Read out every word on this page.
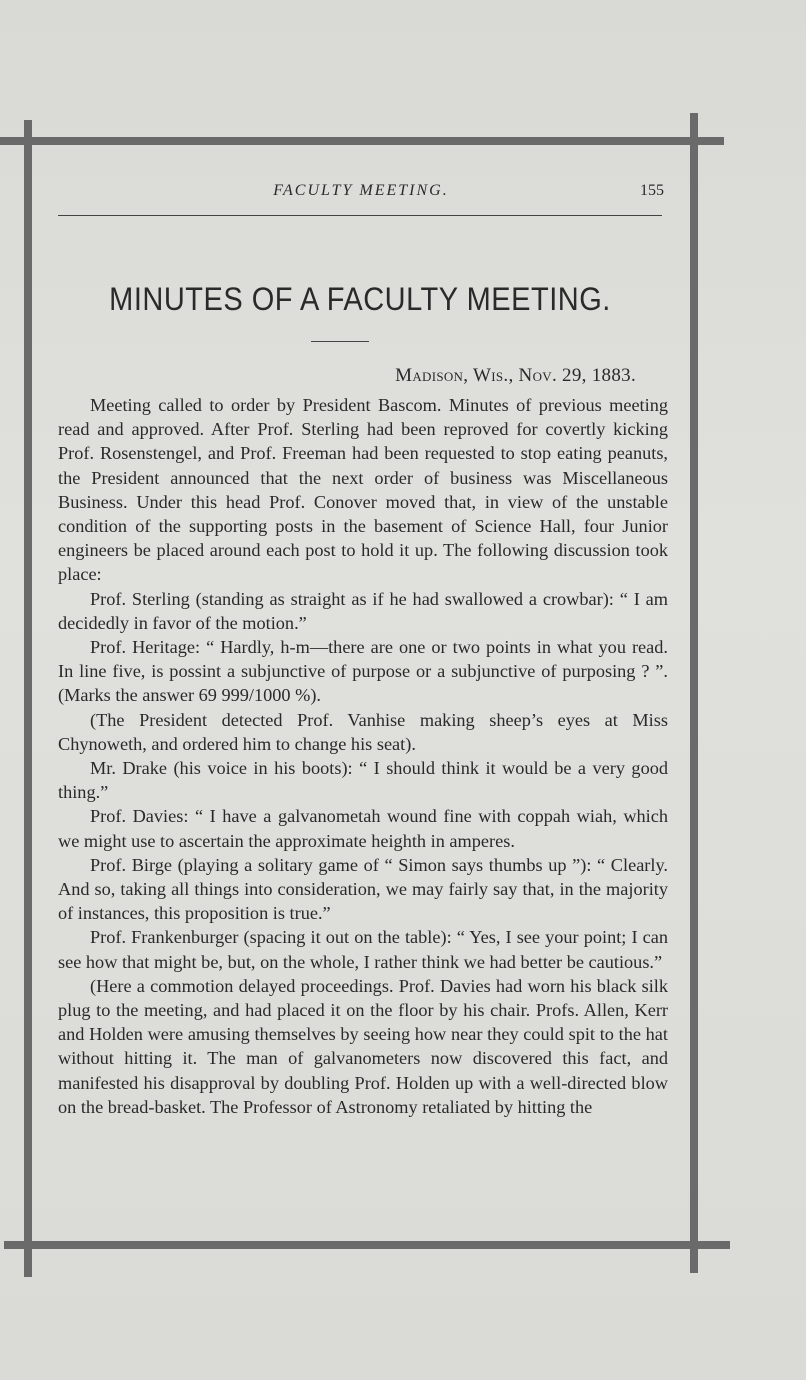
FACULTY MEETING.	155
MINUTES OF A FACULTY MEETING.
Madison, Wis., Nov. 29, 1883.

Meeting called to order by President Bascom. Minutes of previous meeting read and approved. After Prof. Sterling had been reproved for covertly kicking Prof. Rosenstengel, and Prof. Freeman had been requested to stop eating peanuts, the President announced that the next order of business was Miscellaneous Business. Under this head Prof. Conover moved that, in view of the unstable condition of the supporting posts in the basement of Science Hall, four Junior engineers be placed around each post to hold it up. The following discussion took place:

Prof. Sterling (standing as straight as if he had swallowed a crowbar): “ I am decidedly in favor of the motion.”

Prof. Heritage: “ Hardly, h-m—there are one or two points in what you read. In line five, is possint a subjunctive of purpose or a subjunctive of purposing ? ”. (Marks the answer 69 999/1000 %).

(The President detected Prof. Vanhise making sheep’s eyes at Miss Chynoweth, and ordered him to change his seat).

Mr. Drake (his voice in his boots): “ I should think it would be a very good thing.”

Prof. Davies: “ I have a galvanometah wound fine with coppah wiah, which we might use to ascertain the approximate heighth in amperes.

Prof. Birge (playing a solitary game of “ Simon says thumbs up ”): “ Clearly. And so, taking all things into consideration, we may fairly say that, in the majority of instances, this proposition is true.”

Prof. Frankenburger (spacing it out on the table): “ Yes, I see your point; I can see how that might be, but, on the whole, I rather think we had better be cautious.”

(Here a commotion delayed proceedings. Prof. Davies had worn his black silk plug to the meeting, and had placed it on the floor by his chair. Profs. Allen, Kerr and Holden were amusing themselves by seeing how near they could spit to the hat without hitting it. The man of galvanometers now discovered this fact, and manifested his disapproval by doubling Prof. Holden up with a well-directed blow on the bread-basket. The Professor of Astronomy retaliated by hitting the
